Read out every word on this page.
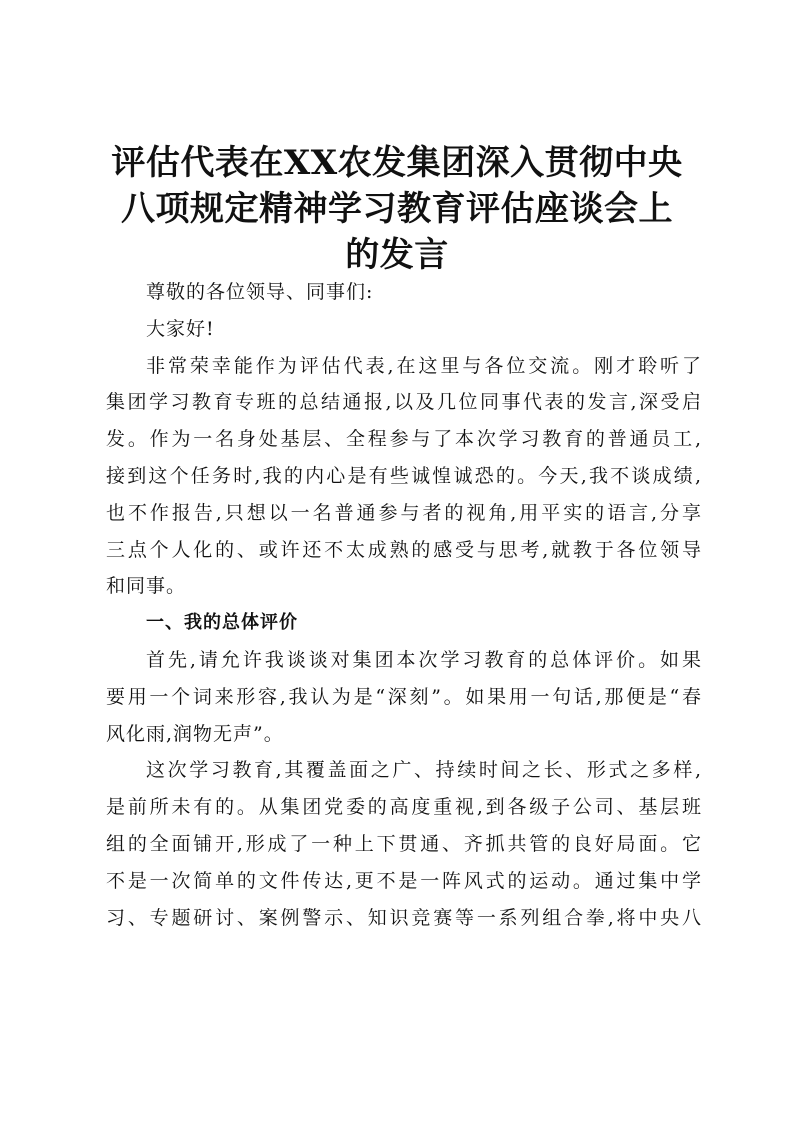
评估代表在XX农发集团深入贯彻中央
八项规定精神学习教育评估座谈会上
的发言
尊敬的各位领导、同事们:
大家好!
非常荣幸能作为评估代表,在这里与各位交流。刚才聆听了
集团学习教育专班的总结通报,以及几位同事代表的发言,深受启
发。作为一名身处基层、全程参与了本次学习教育的普通员工,
接到这个任务时,我的内心是有些诚惶诚恐的。今天,我不谈成绩,
也不作报告,只想以一名普通参与者的视角,用平实的语言,分享
三点个人化的、或许还不太成熟的感受与思考,就教于各位领导
和同事。
一、我的总体评价
首先,请允许我谈谈对集团本次学习教育的总体评价。如果
要用一个词来形容,我认为是“深刻”。如果用一句话,那便是“春
风化雨,润物无声”。
这次学习教育,其覆盖面之广、持续时间之长、形式之多样,
是前所未有的。从集团党委的高度重视,到各级子公司、基层班
组的全面铺开,形成了一种上下贯通、齐抓共管的良好局面。它
不是一次简单的文件传达,更不是一阵风式的运动。通过集中学
习、专题研讨、案例警示、知识竞赛等一系列组合拳,将中央八
